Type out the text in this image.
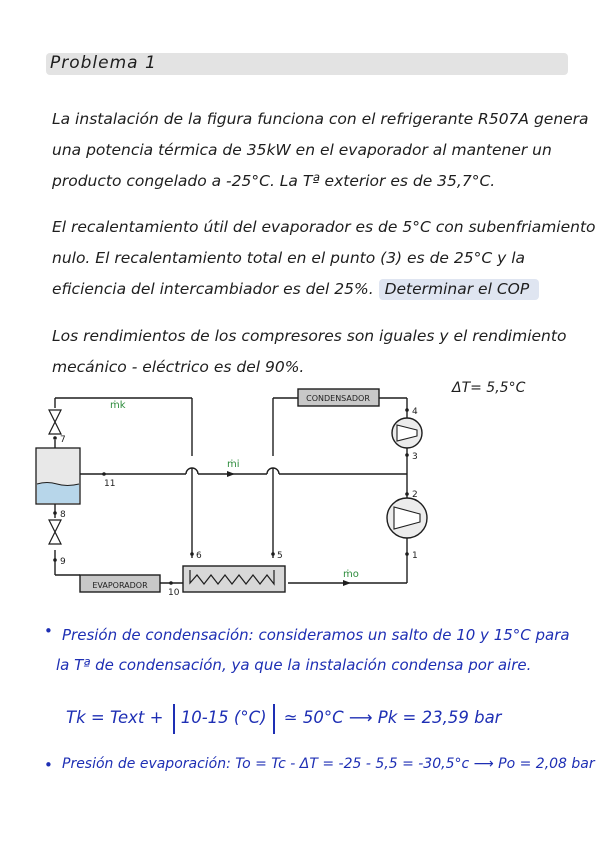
Problema 1
La instalación de la figura funciona con el refrigerante R507A genera
una potencia térmica de 35kW en el evaporador al mantener un
producto congelado a -25°C. La Tª exterior es de 35,7°C.
El recalentamiento útil del evaporador es de 5°C con subenfriamiento
nulo. El recalentamiento total en el punto (3) es de 25°C y la
eficiencia del intercambiador es del 25%. Determinar el COP
Los rendimientos de los compresores son iguales y el rendimiento
mecánico - eléctrico es del 90%.
ΔT= 5,5°C
CONDENSADOR
EVAPORADOR
ṁk
ṁi
ṁo
1
2
3
4
5
6
7
8
9
10
11
• Presión de condensación: consideramos un salto de 10 y 15°C para
la Tª de condensación, ya que la instalación condensa por aire.
Tk = Text + 10-15 (°C) ≃ 50°C ⟶ Pk = 23,59 bar
• Presión de evaporación: To = Tc - ΔT = -25 - 5,5 = -30,5°c ⟶ Po = 2,08 bar
